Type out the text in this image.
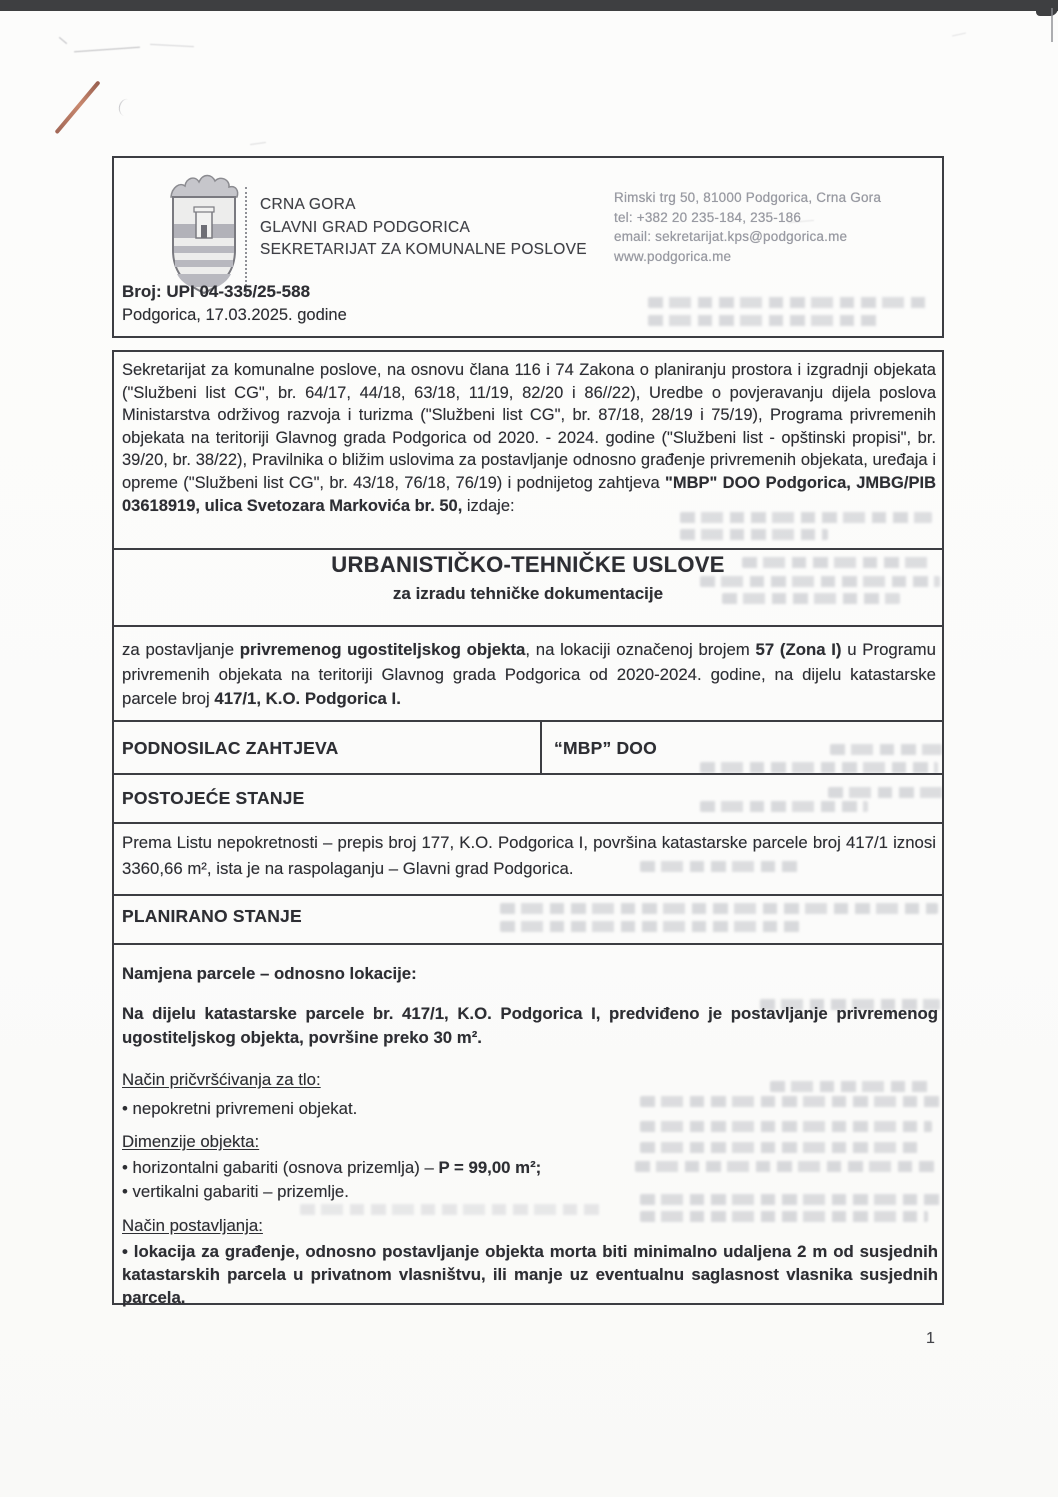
CRNA GORA
GLAVNI GRAD PODGORICA
SEKRETARIJAT ZA KOMUNALNE POSLOVE
Rimski trg 50, 81000 Podgorica, Crna Gora
tel: +382 20 235-184, 235-186
email: sekretarijat.kps@podgorica.me
www.podgorica.me
Broj: UPI 04-335/25-588
Podgorica, 17.03.2025. godine
Sekretarijat za komunalne poslove, na osnovu člana 116 i 74 Zakona o planiranju prostora i izgradnji objekata ("Službeni list CG", br. 64/17, 44/18, 63/18, 11/19, 82/20 i 86//22), Uredbe o povjeravanju dijela poslova Ministarstva održivog razvoja i turizma ("Službeni list CG", br. 87/18, 28/19 i 75/19), Programa privremenih objekata na teritoriji Glavnog grada Podgorica od 2020. - 2024. godine ("Službeni list - opštinski propisi", br. 39/20, br. 38/22), Pravilnika o bližim uslovima za postavljanje odnosno građenje privremenih objekata, uređaja i opreme ("Službeni list CG", br. 43/18, 76/18, 76/19) i podnijetog zahtjeva "MBP" DOO Podgorica, JMBG/PIB 03618919, ulica Svetozara Markovića br. 50, izdaje:
URBANISTIČKO-TEHNIČKE USLOVE
za izradu tehničke dokumentacije
za postavljanje privremenog ugostiteljskog objekta, na lokaciji označenoj brojem 57 (Zona I) u Programu privremenih objekata na teritoriji Glavnog grada Podgorica od 2020-2024. godine, na dijelu katastarske parcele broj 417/1, K.O. Podgorica I.
PODNOSILAC ZAHTJEVA	“MBP” DOO
POSTOJEĆE STANJE
Prema Listu nepokretnosti – prepis broj 177, K.O. Podgorica I, površina katastarske parcele broj 417/1 iznosi 3360,66 m², ista je na raspolaganju – Glavni grad Podgorica.
PLANIRANO STANJE
Namjena parcele – odnosno lokacije:
Na dijelu katastarske parcele br. 417/1, K.O. Podgorica I, predviđeno je postavljanje privremenog ugostiteljskog objekta, površine preko 30 m².
Način pričvršćivanja za tlo:
• nepokretni privremeni objekat.
Dimenzije objekta:
• horizontalni gabariti (osnova prizemlja) – P = 99,00 m²;
• vertikalni gabariti – prizemlje.
Način postavljanja:
• lokacija za građenje, odnosno postavljanje objekta morta biti minimalno udaljena 2 m od susjednih katastarskih parcela u privatnom vlasništvu, ili manje uz eventualnu saglasnost vlasnika susjednih parcela.
1
